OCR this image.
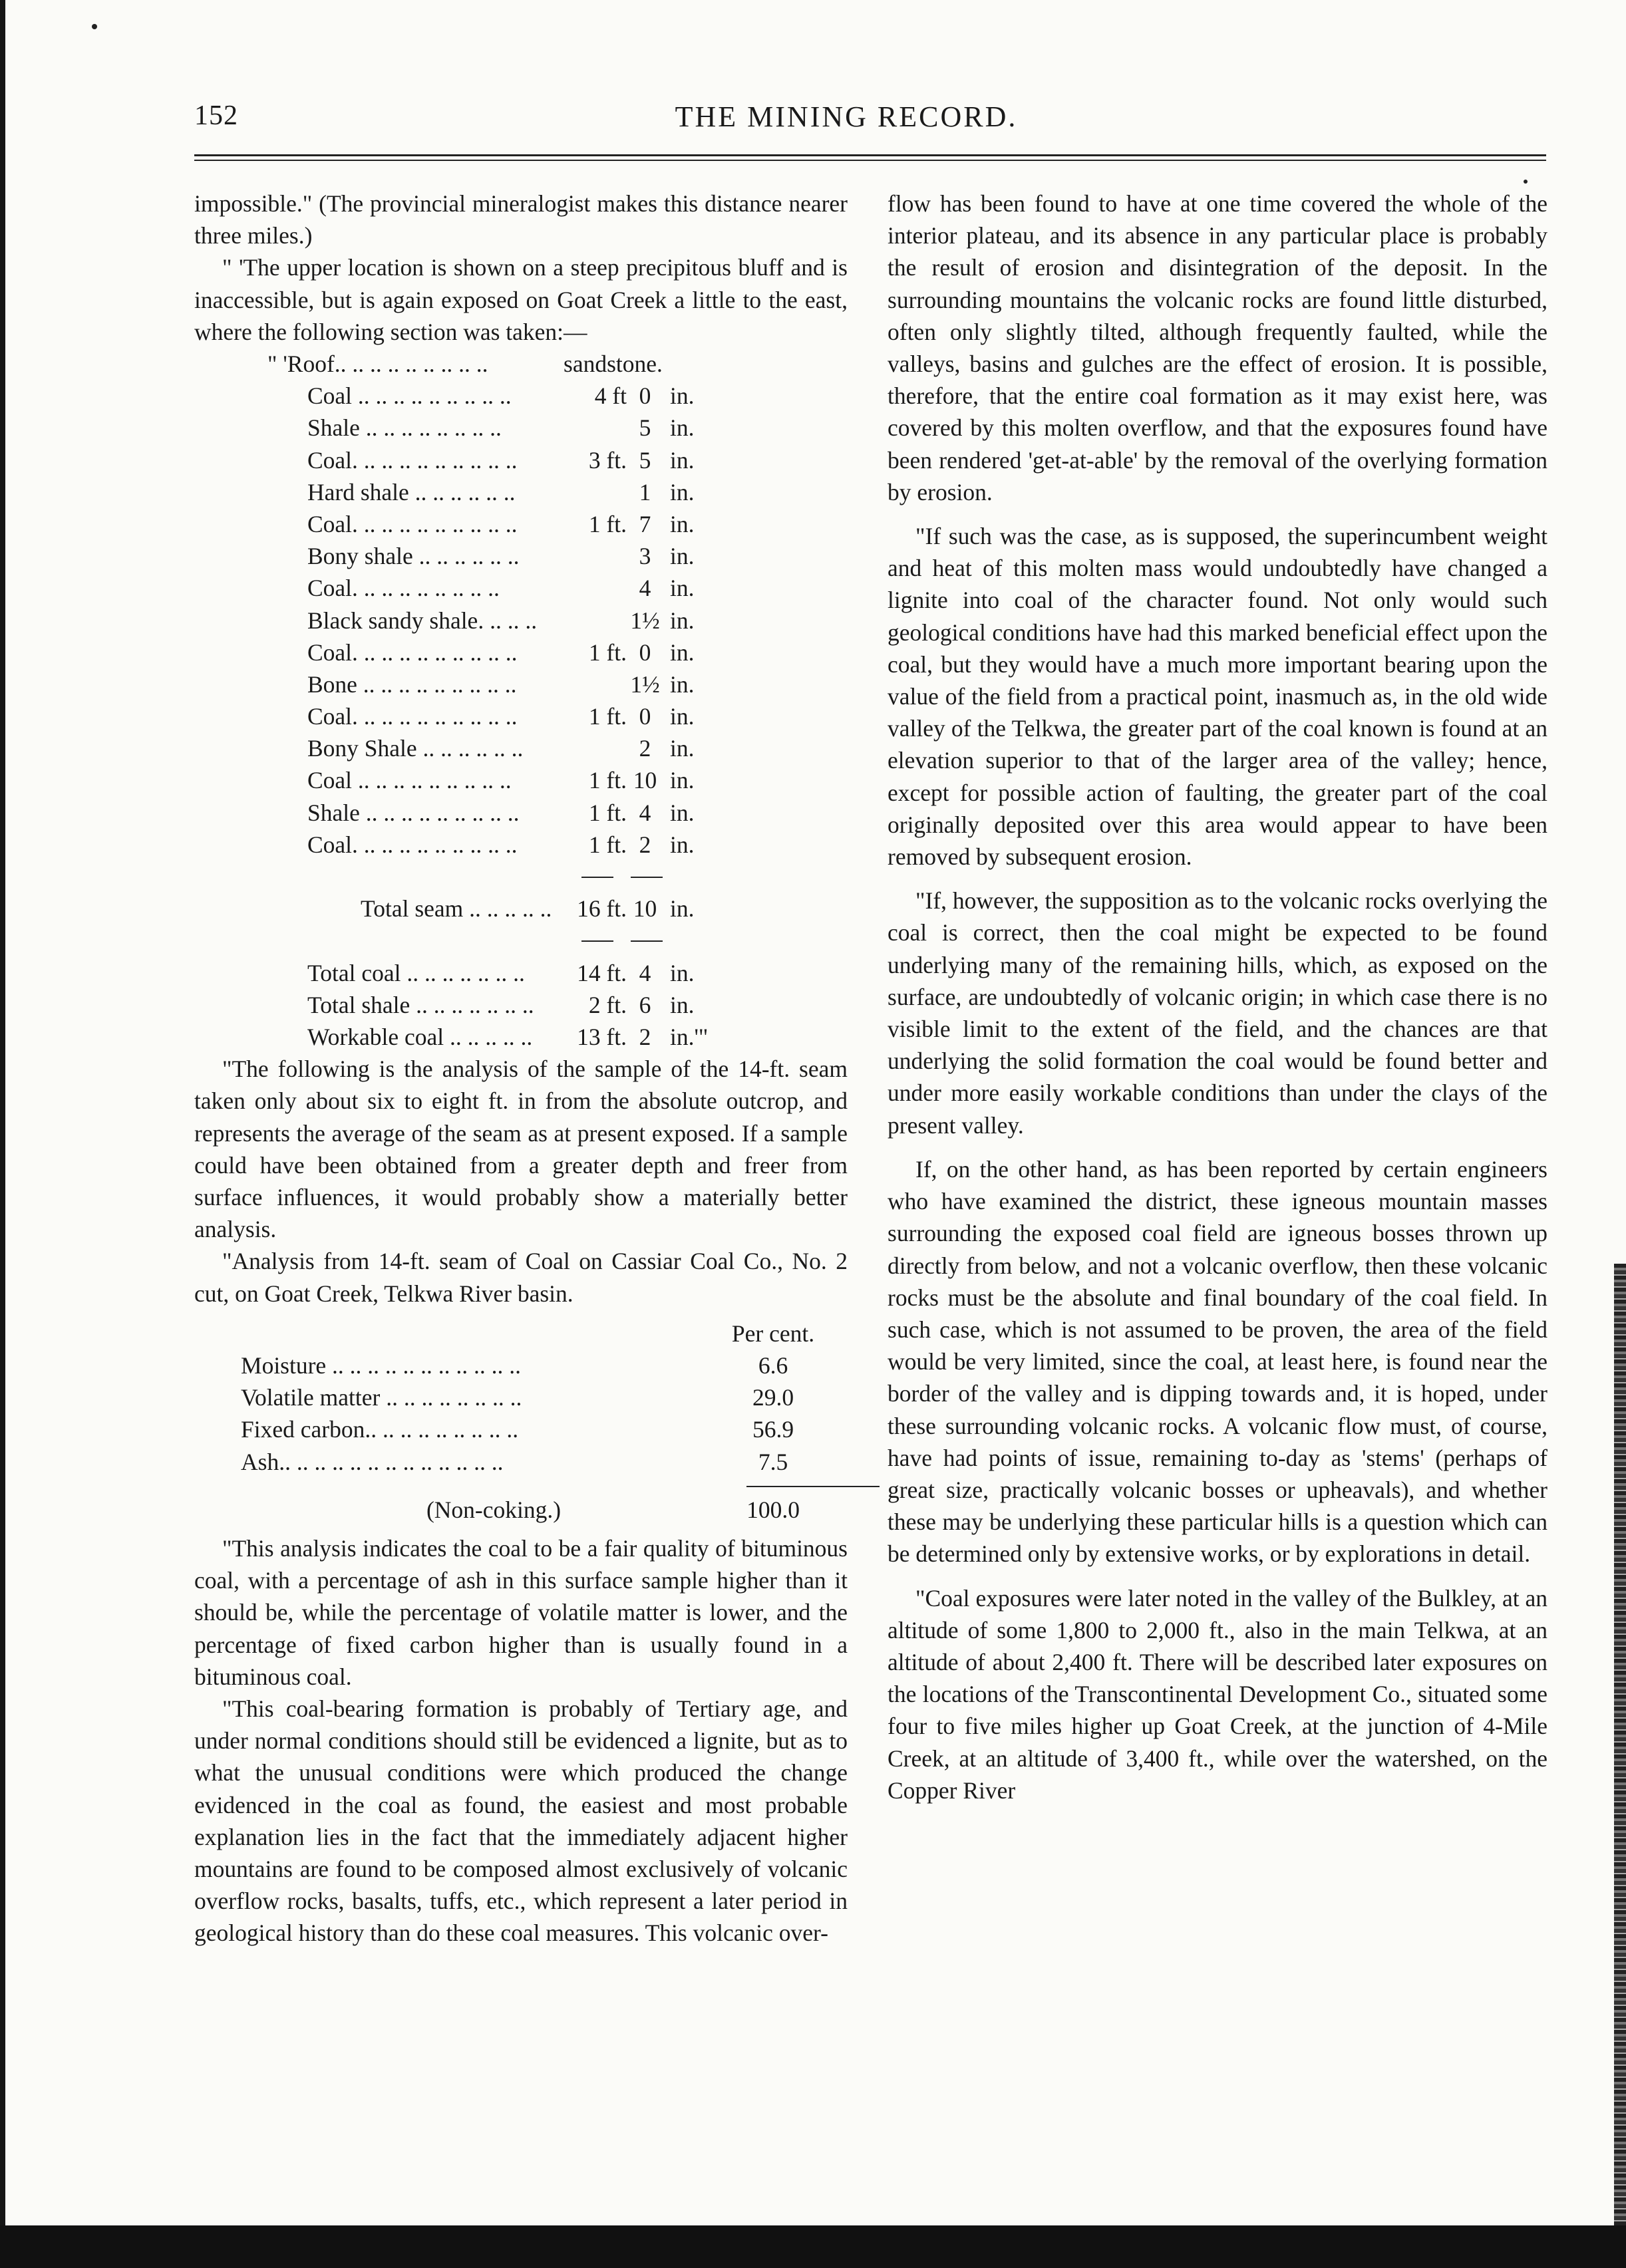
152	THE MINING RECORD.

impossible." (The provincial mineralogist makes this distance nearer three miles.)

" 'The upper location is shown on a steep precipitous bluff and is inaccessible, but is again exposed on Goat Creek a little to the east, where the following section was taken:—

" 'Roof.. .. .. .. .. .. .. .. ..	sandstone.
Coal .. .. .. .. .. .. .. .. ..	4 ft 0 in.
Shale .. .. .. .. .. .. .. ..	5 in.
Coal. .. .. .. .. .. .. .. .. ..	3 ft. 5 in.
Hard shale .. .. .. .. .. ..	1 in.
Coal. .. .. .. .. .. .. .. .. ..	1 ft. 7 in.
Bony shale .. .. .. .. .. ..	3 in.
Coal. .. .. .. .. .. .. .. ..	4 in.
Black sandy shale. .. .. ..	1½ in.
Coal. .. .. .. .. .. .. .. .. ..	1 ft. 0 in.
Bone .. .. .. .. .. .. .. .. ..	1½ in.
Coal. .. .. .. .. .. .. .. .. ..	1 ft. 0 in.
Bony Shale .. .. .. .. .. ..	2 in.
Coal .. .. .. .. .. .. .. .. ..	1 ft. 10 in.
Shale .. .. .. .. .. .. .. .. ..	1 ft. 4 in.
Coal. .. .. .. .. .. .. .. .. ..	1 ft. 2 in.
Total seam .. .. .. .. ..	16 ft. 10 in.
Total coal .. .. .. .. .. .. ..	14 ft. 4 in.
Total shale .. .. .. .. .. .. ..	2 ft. 6 in.
Workable coal .. .. .. .. ..	13 ft. 2 in.'"

"The following is the analysis of the sample of the 14-ft. seam taken only about six to eight ft. in from the absolute outcrop, and represents the average of the seam as at present exposed. If a sample could have been obtained from a greater depth and freer from surface influences, it would probably show a materially better analysis.

"Analysis from 14-ft. seam of Coal on Cassiar Coal Co., No. 2 cut, on Goat Creek, Telkwa River basin.

Per cent.
Moisture .. .. .. .. .. .. .. .. .. .. ..	6.6
Volatile matter .. .. .. .. .. .. .. ..	29.0
Fixed carbon.. .. .. .. .. .. .. .. ..	56.9
Ash.. .. .. .. .. .. .. .. .. .. .. .. ..	7.5
(Non-coking.)	100.0

"This analysis indicates the coal to be a fair quality of bituminous coal, with a percentage of ash in this surface sample higher than it should be, while the percentage of volatile matter is lower, and the percentage of fixed carbon higher than is usually found in a bituminous coal.

"This coal-bearing formation is probably of Tertiary age, and under normal conditions should still be evidenced a lignite, but as to what the unusual conditions were which produced the change evidenced in the coal as found, the easiest and most probable explanation lies in the fact that the immediately adjacent higher mountains are found to be composed almost exclusively of volcanic overflow rocks, basalts, tuffs, etc., which represent a later period in geological history than do these coal measures. This volcanic over-

flow has been found to have at one time covered the whole of the interior plateau, and its absence in any particular place is probably the result of erosion and disintegration of the deposit. In the surrounding mountains the volcanic rocks are found little disturbed, often only slightly tilted, although frequently faulted, while the valleys, basins and gulches are the effect of erosion. It is possible, therefore, that the entire coal formation as it may exist here, was covered by this molten overflow, and that the exposures found have been rendered 'get-at-able' by the removal of the overlying formation by erosion.

"If such was the case, as is supposed, the superincumbent weight and heat of this molten mass would undoubtedly have changed a lignite into coal of the character found. Not only would such geological conditions have had this marked beneficial effect upon the coal, but they would have a much more important bearing upon the value of the field from a practical point, inasmuch as, in the old wide valley of the Telkwa, the greater part of the coal known is found at an elevation superior to that of the larger area of the valley; hence, except for possible action of faulting, the greater part of the coal originally deposited over this area would appear to have been removed by subsequent erosion.

"If, however, the supposition as to the volcanic rocks overlying the coal is correct, then the coal might be expected to be found underlying many of the remaining hills, which, as exposed on the surface, are undoubtedly of volcanic origin; in which case there is no visible limit to the extent of the field, and the chances are that underlying the solid formation the coal would be found better and under more easily workable conditions than under the clays of the present valley.

If, on the other hand, as has been reported by certain engineers who have examined the district, these igneous mountain masses surrounding the exposed coal field are igneous bosses thrown up directly from below, and not a volcanic overflow, then these volcanic rocks must be the absolute and final boundary of the coal field. In such case, which is not assumed to be proven, the area of the field would be very limited, since the coal, at least here, is found near the border of the valley and is dipping towards and, it is hoped, under these surrounding volcanic rocks. A volcanic flow must, of course, have had points of issue, remaining to-day as 'stems' (perhaps of great size, practically volcanic bosses or upheavals), and whether these may be underlying these particular hills is a question which can be determined only by extensive works, or by explorations in detail.

"Coal exposures were later noted in the valley of the Bulkley, at an altitude of some 1,800 to 2,000 ft., also in the main Telkwa, at an altitude of about 2,400 ft. There will be described later exposures on the locations of the Transcontinental Development Co., situated some four to five miles higher up Goat Creek, at the junction of 4-Mile Creek, at an altitude of 3,400 ft., while over the watershed, on the Copper River
